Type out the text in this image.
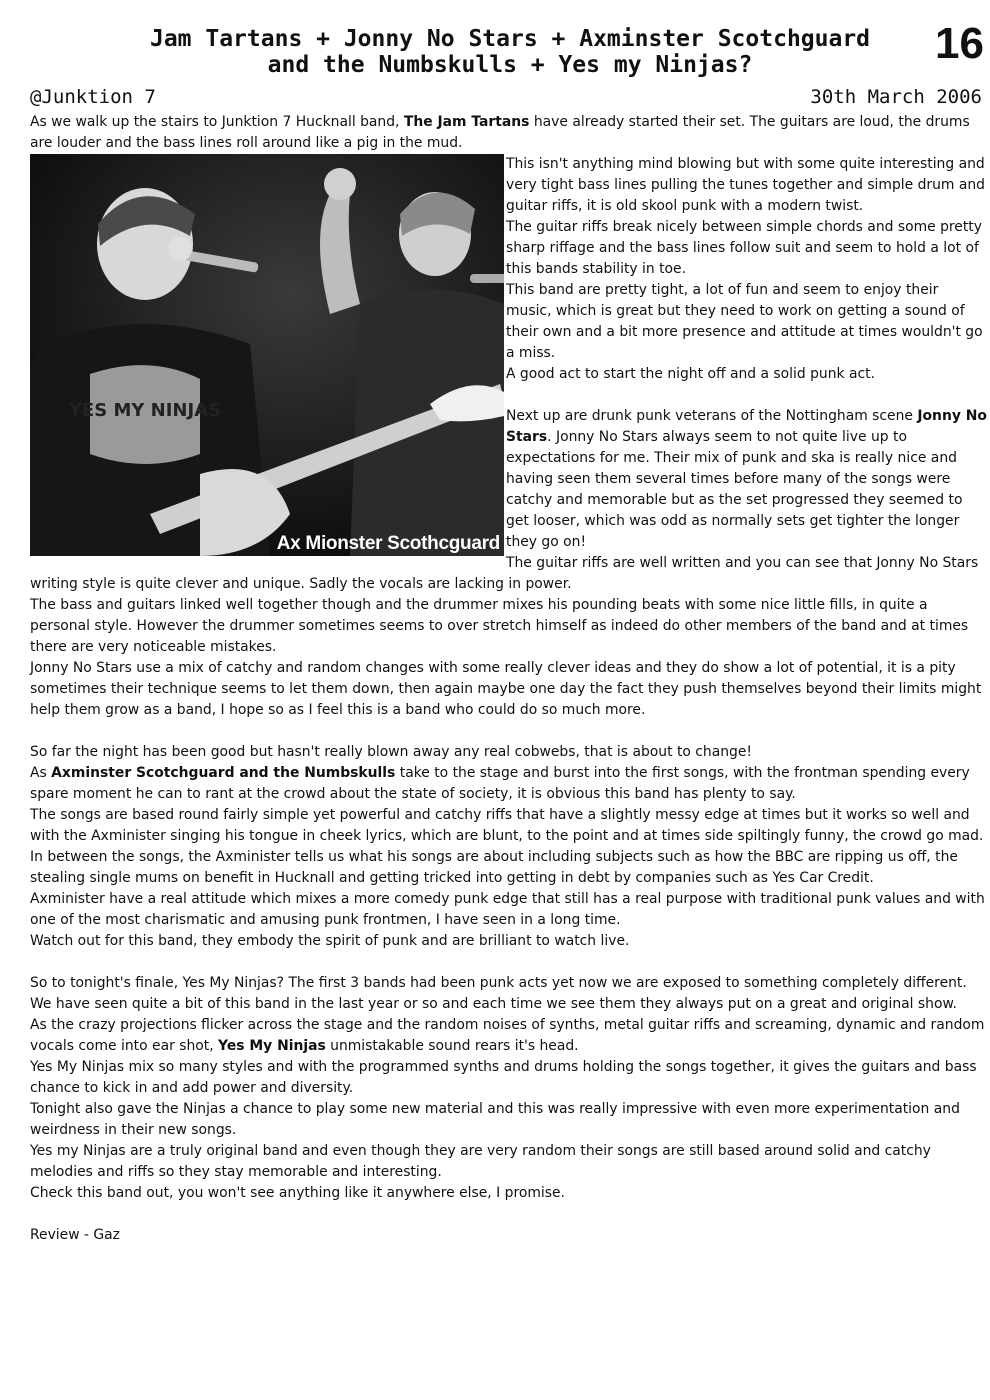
Jam Tartans + Jonny No Stars + Axminster Scotchguard
and the Numbskulls + Yes my Ninjas?	16
@Junktion 7	30th March 2006

As we walk up the stairs to Junktion 7 Hucknall band, The Jam Tartans have already started their set. The guitars are loud, the drums are louder and the bass lines roll around like a pig in the mud.

YES MY NINJAS
Ax Mionster Scothcguard

This isn't anything mind blowing but with some quite interesting and very tight bass lines pulling the tunes together and simple drum and guitar riffs, it is old skool punk with a modern twist.

The guitar riffs break nicely between simple chords and some pretty sharp riffage and the bass lines follow suit and seem to hold a lot of this bands stability in toe.

This band are pretty tight, a lot of fun and seem to enjoy their music, which is great but they need to work on getting a sound of their own and a bit more presence and attitude at times wouldn't go a miss.

A good act to start the night off and a solid punk act.

Next up are drunk punk veterans of the Nottingham scene Jonny No Stars. Jonny No Stars always seem to not quite live up to expectations for me. Their mix of punk and ska is really nice and having seen them several times before many of the songs were catchy and memorable but as the set progressed they seemed to get looser, which was odd as normally sets get tighter the longer they go on!

The guitar riffs are well written and you can see that Jonny No Stars writing style is quite clever and unique. Sadly the vocals are lacking in power.

The bass and guitars linked well together though and the drummer mixes his pounding beats with some nice little fills, in quite a personal style. However the drummer sometimes seems to over stretch himself as indeed do other members of the band and at times there are very noticeable mistakes.

Jonny No Stars use a mix of catchy and random changes with some really clever ideas and they do show a lot of potential, it is a pity sometimes their technique seems to let them down, then again maybe one day the fact they push themselves beyond their limits might help them grow as a band, I hope so as I feel this is a band who could do so much more.

So far the night has been good but hasn't really blown away any real cobwebs, that is about to change!

As Axminster Scotchguard and the Numbskulls take to the stage and burst into the first songs, with the frontman spending every spare moment he can to rant at the crowd about the state of society, it is obvious this band has plenty to say.

The songs are based round fairly simple yet powerful and catchy riffs that have a slightly messy edge at times but it works so well and with the Axminister singing his tongue in cheek lyrics, which are blunt, to the point and at times side spiltingly funny, the crowd go mad.

In between the songs, the Axminister tells us what his songs are about including subjects such as how the BBC are ripping us off, the stealing single mums on benefit in Hucknall and getting tricked into getting in debt by companies such as Yes Car Credit.

Axminister have a real attitude which mixes a more comedy punk edge that still has a real purpose with traditional punk values and with one of the most charismatic and amusing punk frontmen, I have seen in a long time.

Watch out for this band, they embody the spirit of punk and are brilliant to watch live.

So to tonight's finale, Yes My Ninjas? The first 3 bands had been punk acts yet now we are exposed to something completely different.

We have seen quite a bit of this band in the last year or so and each time we see them they always put on a great and original show.

As the crazy projections flicker across the stage and the random noises of synths, metal guitar riffs and screaming, dynamic and random vocals come into ear shot, Yes My Ninjas unmistakable sound rears it's head.

Yes My Ninjas mix so many styles and with the programmed synths and drums holding the songs together, it gives the guitars and bass chance to kick in and add power and diversity.

Tonight also gave the Ninjas a chance to play some new material and this was really impressive with even more experimentation and weirdness in their new songs.

Yes my Ninjas are a truly original band and even though they are very random their songs are still based around solid and catchy melodies and riffs so they stay memorable and interesting.

Check this band out, you won't see anything like it anywhere else, I promise.

Review - Gaz
